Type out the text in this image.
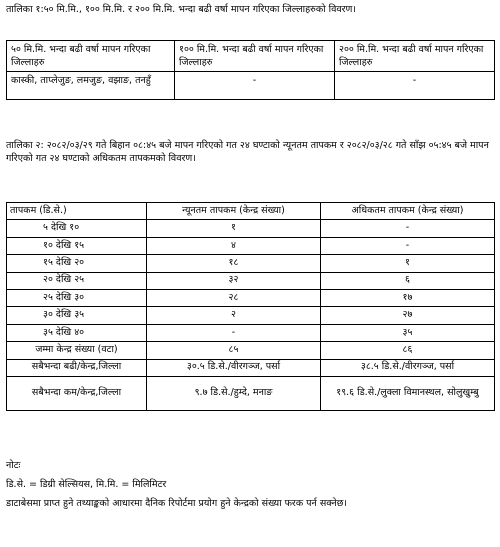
तालिका १:५० मि.मि., १०० मि.मि. र २०० मि.मि. भन्दा बढी वर्षा मापन गरिएका जिल्लाहरुको विवरण।

५० मि.मि. भन्दा बढी वर्षा मापन गरिएका जिल्लाहरु	१०० मि.मि. भन्दा बढी वर्षा मापन गरिएका जिल्लाहरु	२०० मि.मि. भन्दा बढी वर्षा मापन गरिएका जिल्लाहरु
कास्की, ताप्लेजुङ, लमजुङ, वझाङ, तनहुँ	-	-

तालिका २: २०८२/०३/२९ गते बिहान ०८:४५ बजे मापन गरिएको गत २४ घण्टाको न्यूनतम तापकम र २०८२/०३/२८ गते साँझ ०५:४५ बजे मापन गरिएको गत २४ घण्टाको अधिकतम तापकमको विवरण।

तापकम (डि.से.)	न्यूनतम तापकम (केन्द्र संख्या)	अधिकतम तापकम (केन्द्र संख्या)
५ देखि १०	१	-
१० देखि १५	४	-
१५ देखि २०	१८	१
२० देखि २५	३२	६
२५ देखि ३०	२८	१७
३० देखि ३५	२	२७
३५ देखि ४०	-	३५
जम्मा केन्द्र संख्या (वटा)	८५	८६
सबैभन्दा बढी/केन्द्र,जिल्ला	३०.५ डि.से./वीरगञ्ज, पर्सा	३८.५ डि.से./वीरगञ्ज, पर्सा
सबैभन्दा कम/केन्द्र,जिल्ला	९.७ डि.से./हुम्दे, मनाङ	१९.६ डि.से./लुक्ला विमानस्थल, सोलुखुम्बु

नोटः

डि.से. = डिग्री सेल्सियस, मि.मि. = मिलिमिटर

डाटाबेसमा प्राप्त हुने तथ्याङ्कको आधारमा दैनिक रिपोर्टमा प्रयोग हुने केन्द्रको संख्या फरक पर्न सक्नेछ।
